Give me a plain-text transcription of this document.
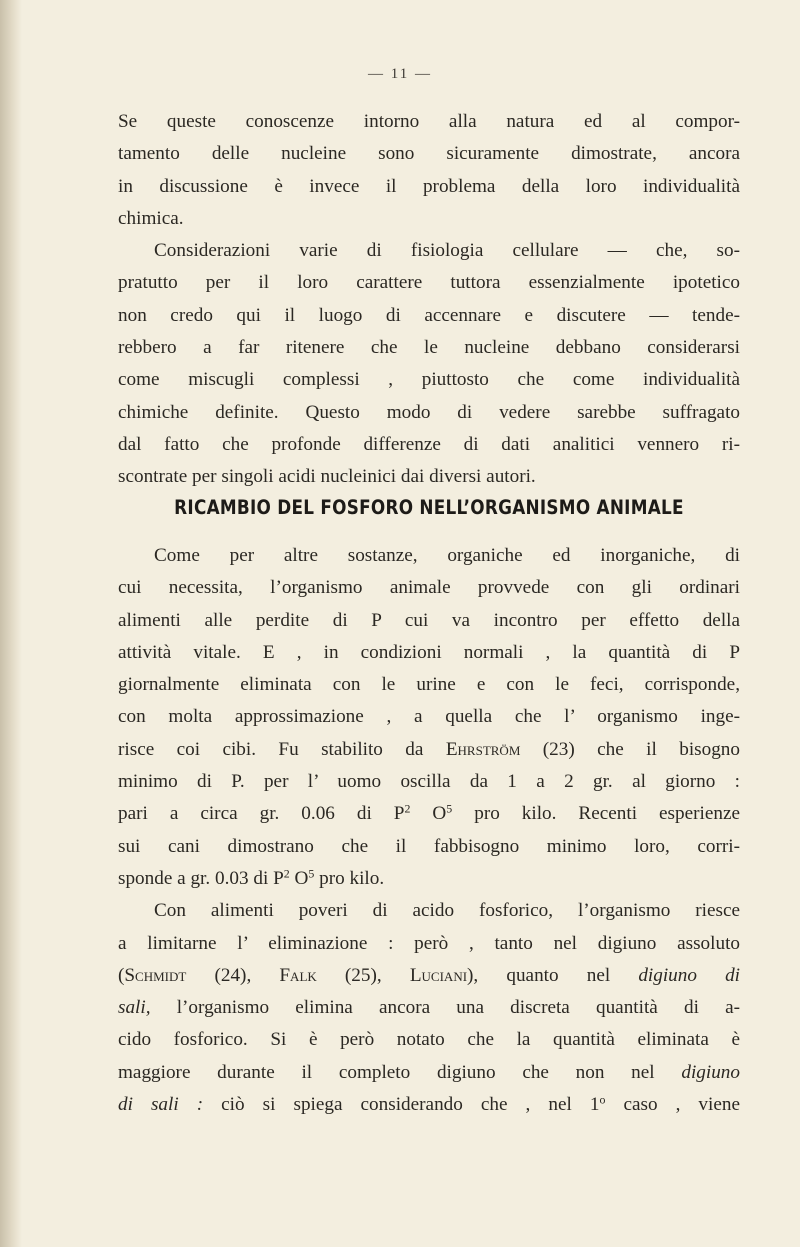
— 11 —
Se queste conoscenze intorno alla natura ed al compor-
tamento delle nucleine sono sicuramente dimostrate, ancora
in discussione è invece il problema della loro individualità
chimica.
Considerazioni varie di fisiologia cellulare — che, so-
pratutto per il loro carattere tuttora essenzialmente ipotetico
non credo qui il luogo di accennare e discutere — tende-
rebbero a far ritenere che le nucleine debbano considerarsi
come miscugli complessi , piuttosto che come individualità
chimiche definite. Questo modo di vedere sarebbe suffragato
dal fatto che profonde differenze di dati analitici vennero ri-
scontrate per singoli acidi nucleinici dai diversi autori.
RICAMBIO DEL FOSFORO NELL’ORGANISMO ANIMALE
Come per altre sostanze, organiche ed inorganiche, di
cui necessita, l’organismo animale provvede con gli ordinari
alimenti alle perdite di P cui va incontro per effetto della
attività vitale. E , in condizioni normali , la quantità di P
giornalmente eliminata con le urine e con le feci, corrisponde,
con molta approssimazione , a quella che l’ organismo inge-
risce coi cibi. Fu stabilito da Ehrström (23) che il bisogno
minimo di P. per l’ uomo oscilla da 1 a 2 gr. al giorno :
pari a circa gr. 0.06 di $P^2$ $O^5$ pro kilo. Recenti esperienze
sui cani dimostrano che il fabbisogno minimo loro, corri-
sponde a gr. 0.03 di $P^2$ $O^5$ pro kilo.
Con alimenti poveri di acido fosforico, l’organismo riesce
a limitarne l’ eliminazione : però , tanto nel digiuno assoluto
(Schmidt (24), Falk (25), Luciani), quanto nel digiuno di
sali, l’organismo elimina ancora una discreta quantità di a-
cido fosforico. Si è però notato che la quantità eliminata è
maggiore durante il completo digiuno che non nel digiuno
di sali : ciò si spiega considerando che , nel 1$^o$ caso , viene
